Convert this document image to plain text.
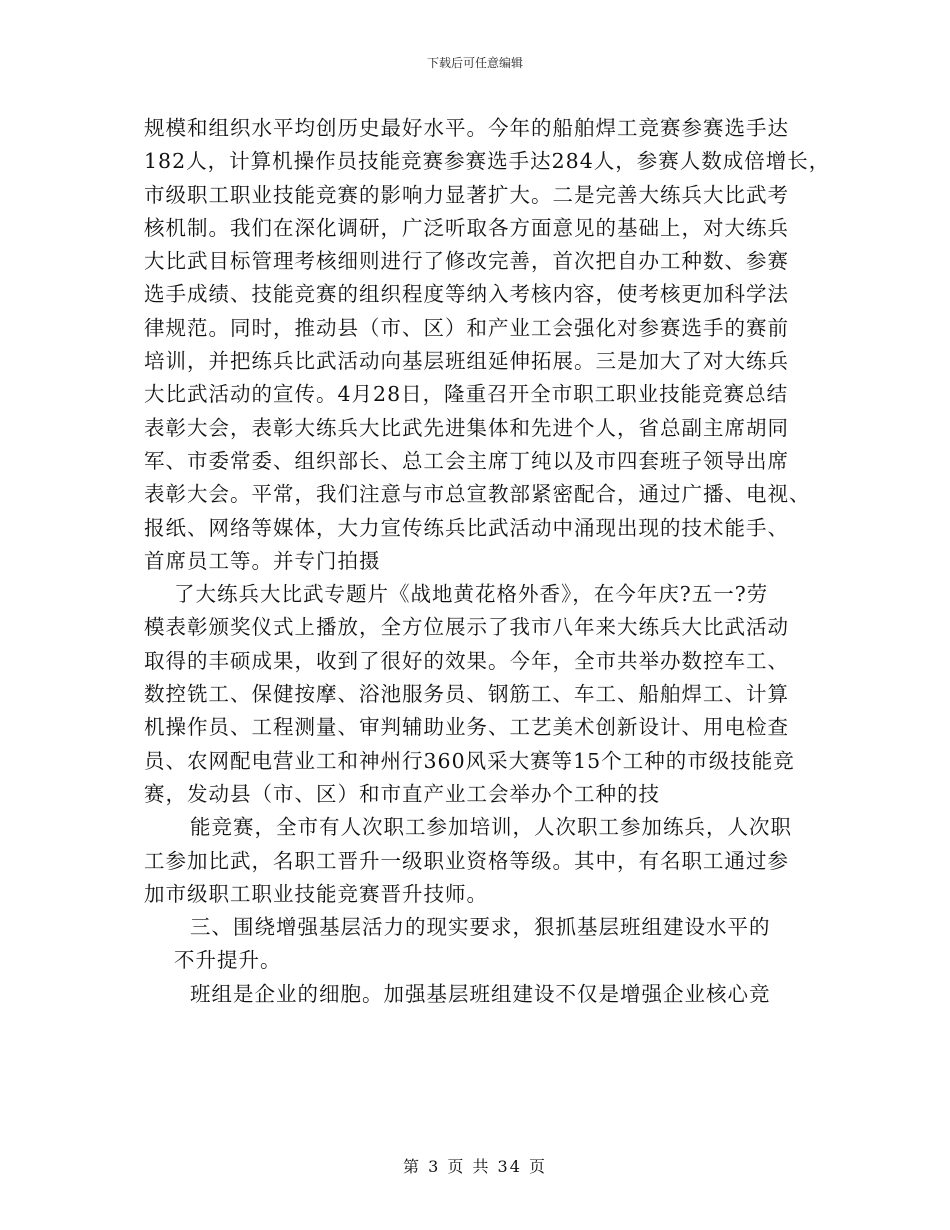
下载后可任意编辑
规模和组织水平均创历史最好水平。今年的船舶焊工竞赛参赛选手达
182人，计算机操作员技能竞赛参赛选手达284人，参赛人数成倍增长，
市级职工职业技能竞赛的影响力显著扩大。二是完善大练兵大比武考
核机制。我们在深化调研，广泛听取各方面意见的基础上，对大练兵
大比武目标管理考核细则进行了修改完善，首次把自办工种数、参赛
选手成绩、技能竞赛的组织程度等纳入考核内容，使考核更加科学法
律规范。同时，推动县（市、区）和产业工会强化对参赛选手的赛前
培训，并把练兵比武活动向基层班组延伸拓展。三是加大了对大练兵
大比武活动的宣传。4月28日，隆重召开全市职工职业技能竞赛总结
表彰大会，表彰大练兵大比武先进集体和先进个人，省总副主席胡同
军、市委常委、组织部长、总工会主席丁纯以及市四套班子领导出席
表彰大会。平常，我们注意与市总宣教部紧密配合，通过广播、电视、
报纸、网络等媒体，大力宣传练兵比武活动中涌现出现的技术能手、
首席员工等。并专门拍摄
了大练兵大比武专题片《战地黄花格外香》，在今年庆?五一?劳
模表彰颁奖仪式上播放，全方位展示了我市八年来大练兵大比武活动
取得的丰硕成果，收到了很好的效果。今年，全市共举办数控车工、
数控铣工、保健按摩、浴池服务员、钢筋工、车工、船舶焊工、计算
机操作员、工程测量、审判辅助业务、工艺美术创新设计、用电检查
员、农网配电营业工和神州行360风采大赛等15个工种的市级技能竞
赛，发动县（市、区）和市直产业工会举办个工种的技
能竞赛，全市有人次职工参加培训，人次职工参加练兵，人次职
工参加比武，名职工晋升一级职业资格等级。其中，有名职工通过参
加市级职工职业技能竞赛晋升技师。
三、围绕增强基层活力的现实要求，狠抓基层班组建设水平的
不升提升。
班组是企业的细胞。加强基层班组建设不仅是增强企业核心竞
第 3 页 共 34 页
